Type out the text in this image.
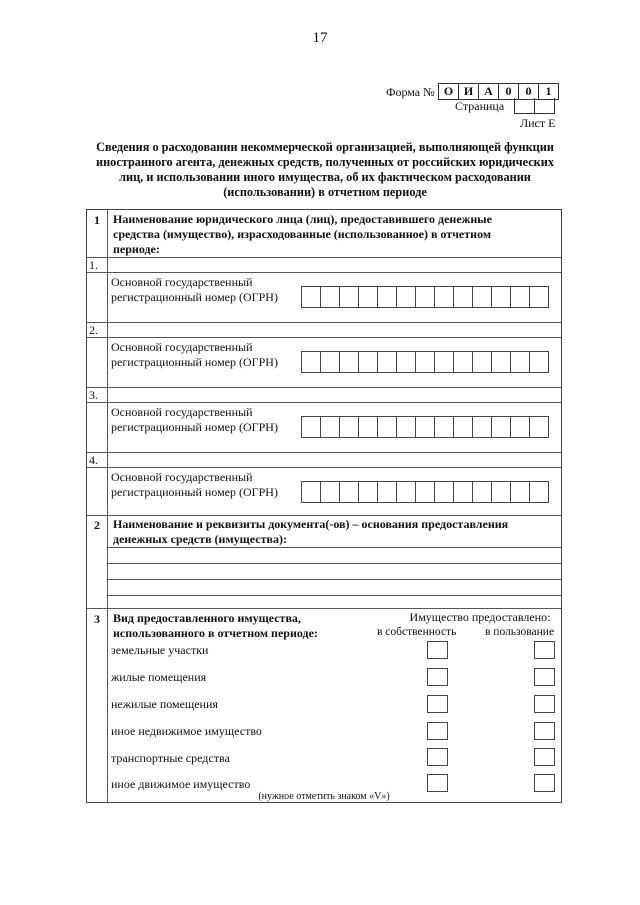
17
Форма № О И А	0	0	1
Страница
Лист Е
Сведения о расходовании некоммерческой организацией, выполняющей функции иностранного агента, денежных средств, полученных от российских юридических лиц, и использовании иного имущества, об их фактическом расходовании (использовании) в отчетном периоде
1	Наименование юридического лица (лиц), предоставившего денежные средства (имущество), израсходованные (использованное) в отчетном периоде:
1.
Основной государственный регистрационный номер (ОГРН)
2.
Основной государственный регистрационный номер (ОГРН)
3.
Основной государственный регистрационный номер (ОГРН)
4.
Основной государственный регистрационный номер (ОГРН)
2	Наименование и реквизиты документа(-ов) – основания предоставления денежных средств (имущества):
3	Вид предоставленного имущества, использованного в отчетном периоде:
Имущество предоставлено:
в собственность	в пользование
земельные участки
жилые помещения
нежилые помещения
иное недвижимое имущество
транспортные средства
иное движимое имущество
(нужное отметить знаком «V»)
